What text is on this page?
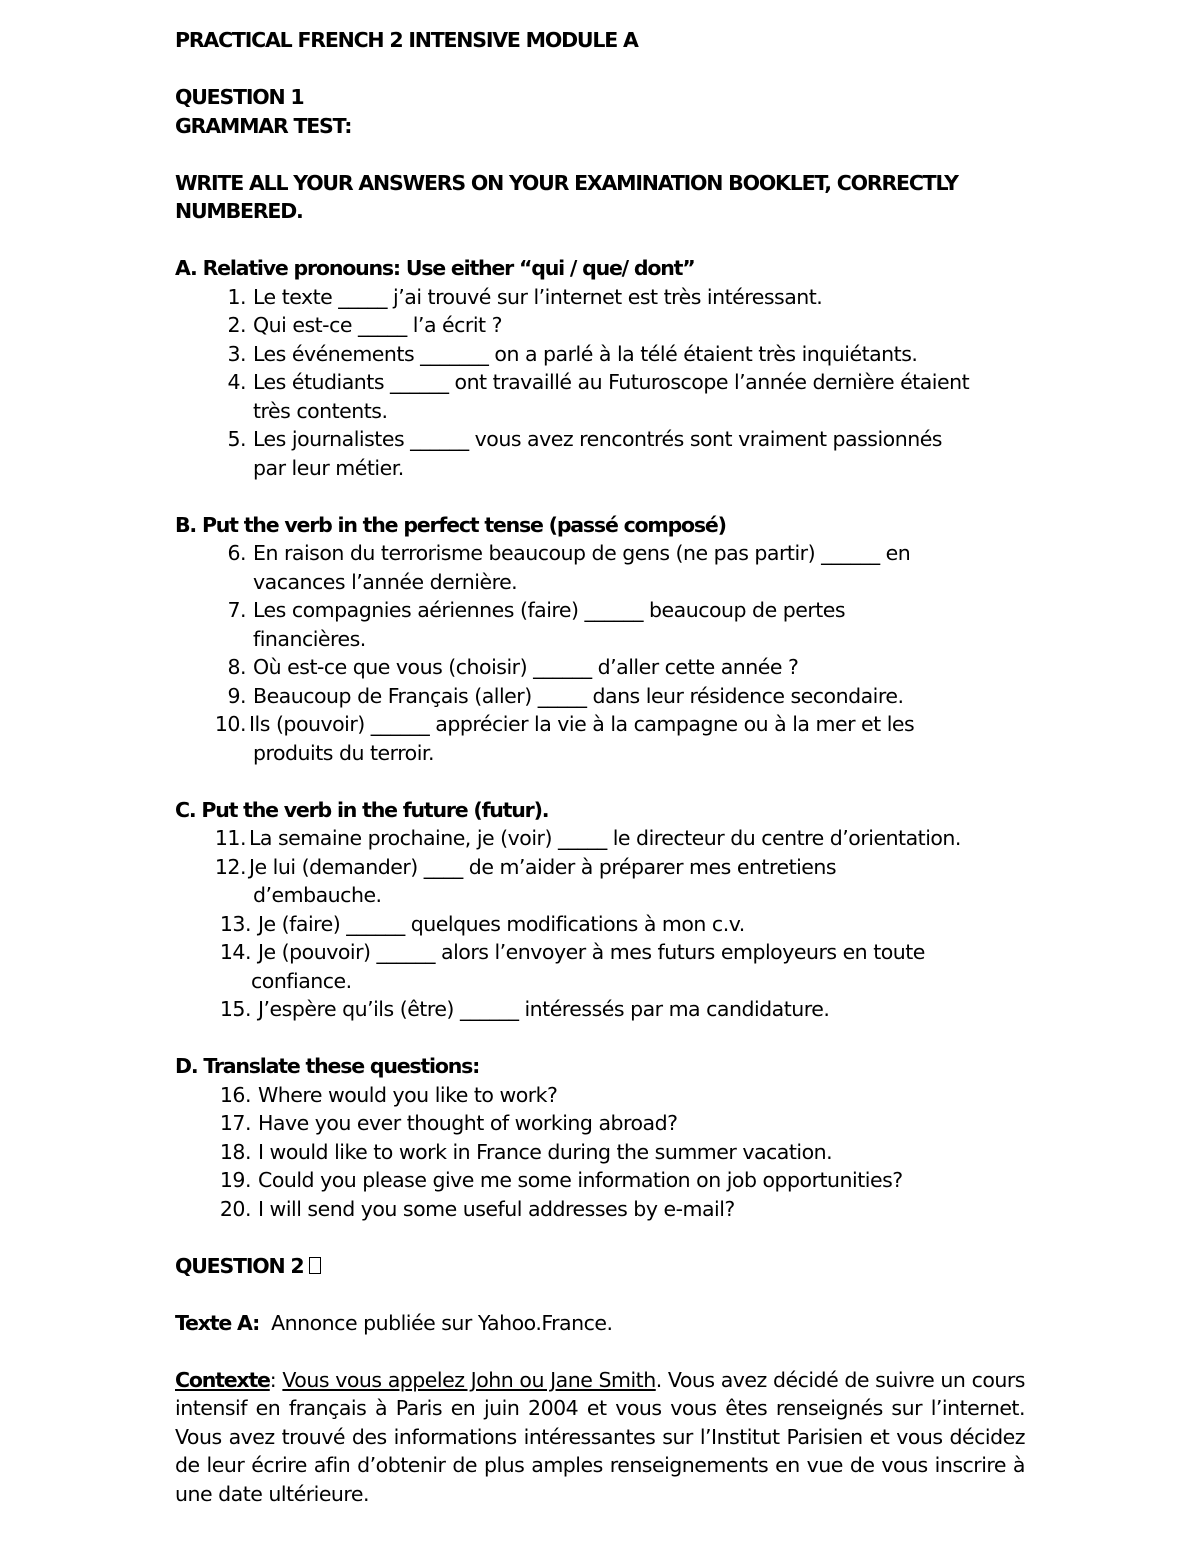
PRACTICAL FRENCH 2 INTENSIVE MODULE A
QUESTION 1
GRAMMAR TEST:
WRITE ALL YOUR ANSWERS ON YOUR EXAMINATION BOOKLET, CORRECTLY
NUMBERED.
A. Relative pronouns: Use either “qui / que/ dont”
1. Le texte _____ j’ai trouvé sur l’internet est très intéressant.
2. Qui est-ce _____ l’a écrit ?
3. Les événements _______ on a parlé à la télé étaient très inquiétants.
4. Les étudiants ______ ont travaillé au Futuroscope l’année dernière étaient
très contents.
5. Les journalistes ______ vous avez rencontrés sont vraiment passionnés
par leur métier.
B. Put the verb in the perfect tense (passé composé)
6. En raison du terrorisme beaucoup de gens (ne pas partir) ______ en
vacances l’année dernière.
7. Les compagnies aériennes (faire) ______ beaucoup de pertes
financières.
8. Où est-ce que vous (choisir) ______ d’aller cette année ?
9. Beaucoup de Français (aller) _____ dans leur résidence secondaire.
10. Ils (pouvoir) ______ apprécier la vie à la campagne ou à la mer et les
produits du terroir.
C. Put the verb in the future (futur).
11. La semaine prochaine, je (voir) _____ le directeur du centre d’orientation.
12. Je lui (demander) ____ de m’aider à préparer mes entretiens
d’embauche.
13. Je (faire) ______ quelques modifications à mon c.v.
14. Je (pouvoir) ______ alors l’envoyer à mes futurs employeurs en toute
confiance.
15. J’espère qu’ils (être) ______ intéressés par ma candidature.
D. Translate these questions:
16. Where would you like to work?
17. Have you ever thought of working abroad?
18. I would like to work in France during the summer vacation.
19. Could you please give me some information on job opportunities?
20. I will send you some useful addresses by e-mail?
QUESTION 2
Texte A: Annonce publiée sur Yahoo.France.
Contexte: Vous vous appelez John ou Jane Smith. Vous avez décidé de suivre un cours intensif en français à Paris en juin 2004 et vous vous êtes renseignés sur l’internet. Vous avez trouvé des informations intéressantes sur l’Institut Parisien et vous décidez de leur écrire afin d’obtenir de plus amples renseignements en vue de vous inscrire à une date ultérieure.
